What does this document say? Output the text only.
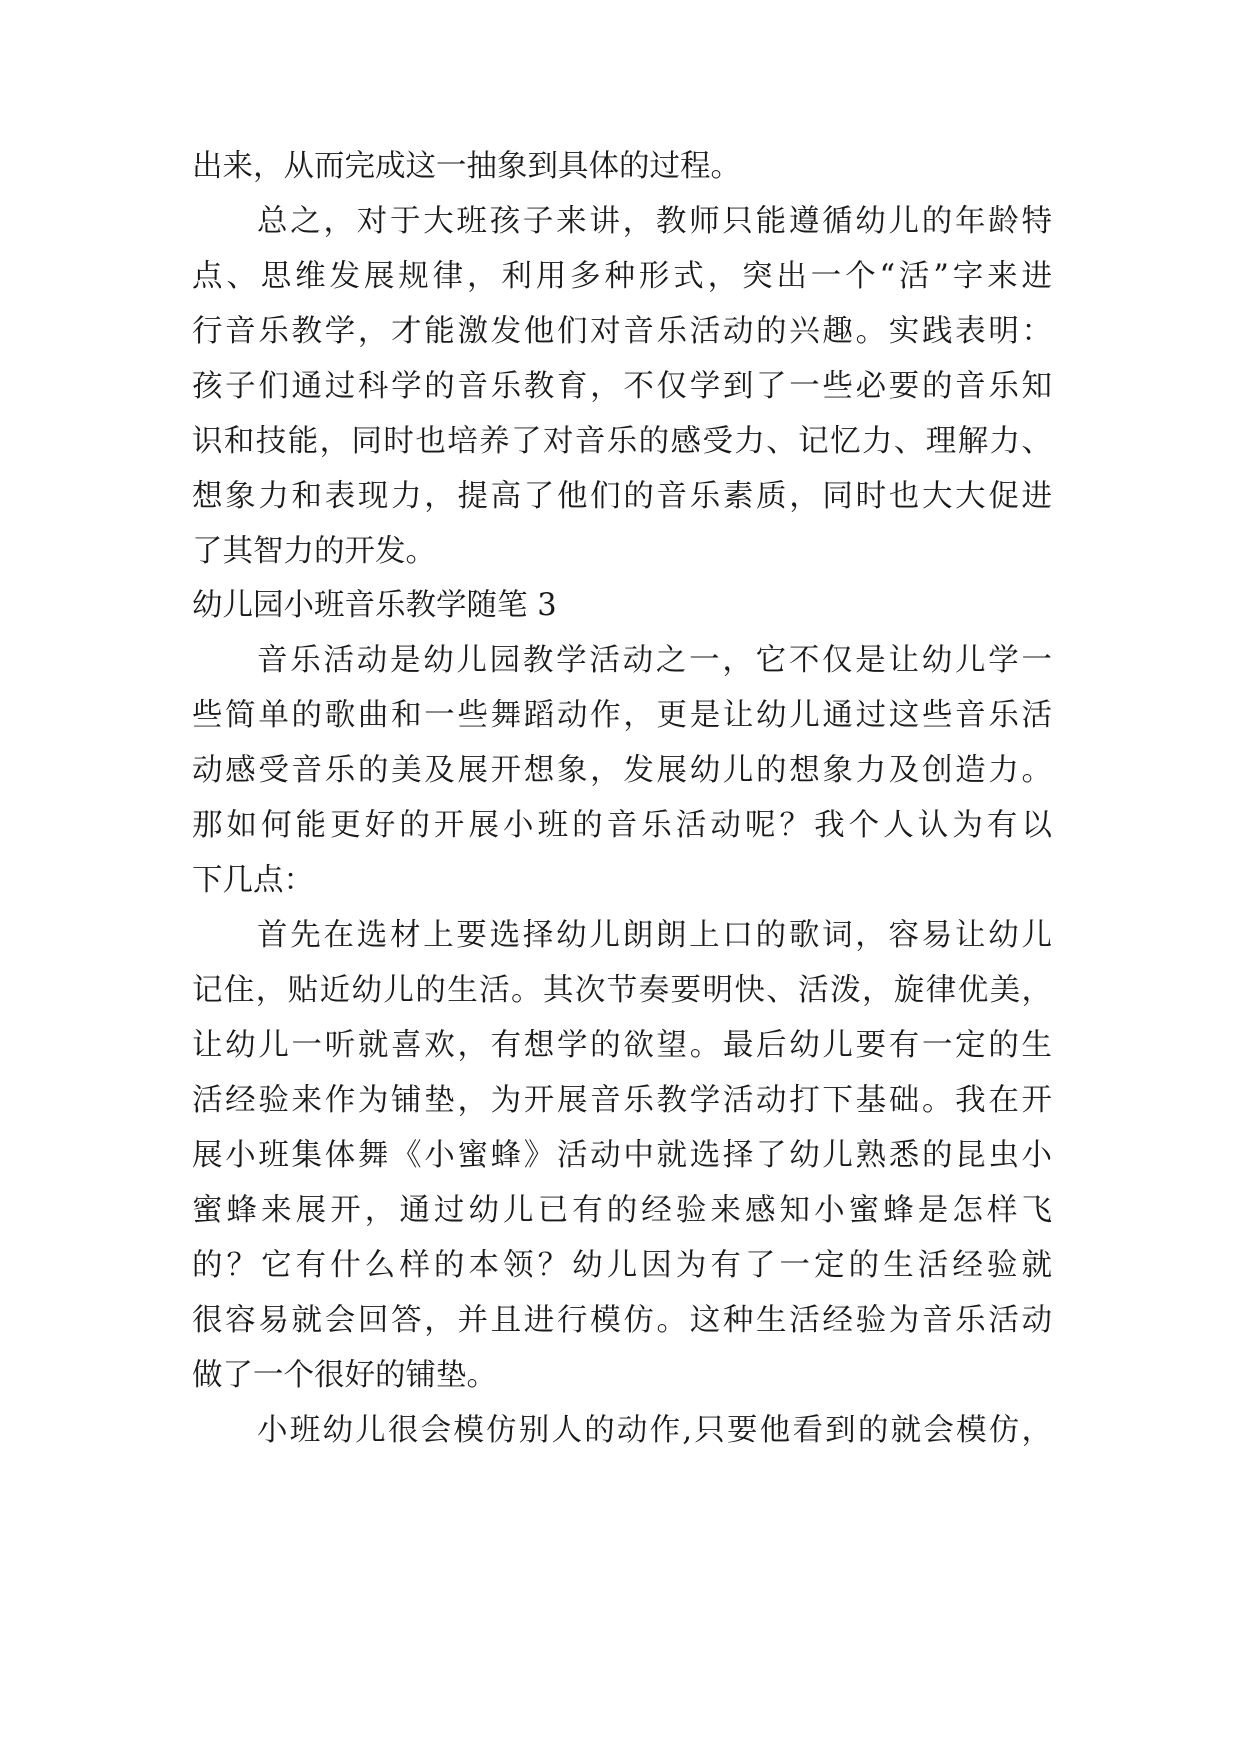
出来，从而完成这一抽象到具体的过程。
总之，对于大班孩子来讲，教师只能遵循幼儿的年龄特
点、思维发展规律，利用多种形式，突出一个“活”字来进
行音乐教学，才能激发他们对音乐活动的兴趣。实践表明：
孩子们通过科学的音乐教育，不仅学到了一些必要的音乐知
识和技能，同时也培养了对音乐的感受力、记忆力、理解力、
想象力和表现力，提高了他们的音乐素质，同时也大大促进
了其智力的开发。
幼儿园小班音乐教学随笔 3
音乐活动是幼儿园教学活动之一，它不仅是让幼儿学一
些简单的歌曲和一些舞蹈动作，更是让幼儿通过这些音乐活
动感受音乐的美及展开想象，发展幼儿的想象力及创造力。
那如何能更好的开展小班的音乐活动呢？我个人认为有以
下几点：
首先在选材上要选择幼儿朗朗上口的歌词，容易让幼儿
记住，贴近幼儿的生活。其次节奏要明快、活泼，旋律优美，
让幼儿一听就喜欢，有想学的欲望。最后幼儿要有一定的生
活经验来作为铺垫，为开展音乐教学活动打下基础。我在开
展小班集体舞《小蜜蜂》活动中就选择了幼儿熟悉的昆虫小
蜜蜂来展开，通过幼儿已有的经验来感知小蜜蜂是怎样飞
的？它有什么样的本领？幼儿因为有了一定的生活经验就
很容易就会回答，并且进行模仿。这种生活经验为音乐活动
做了一个很好的铺垫。
小班幼儿很会模仿别人的动作,只要他看到的就会模仿，
